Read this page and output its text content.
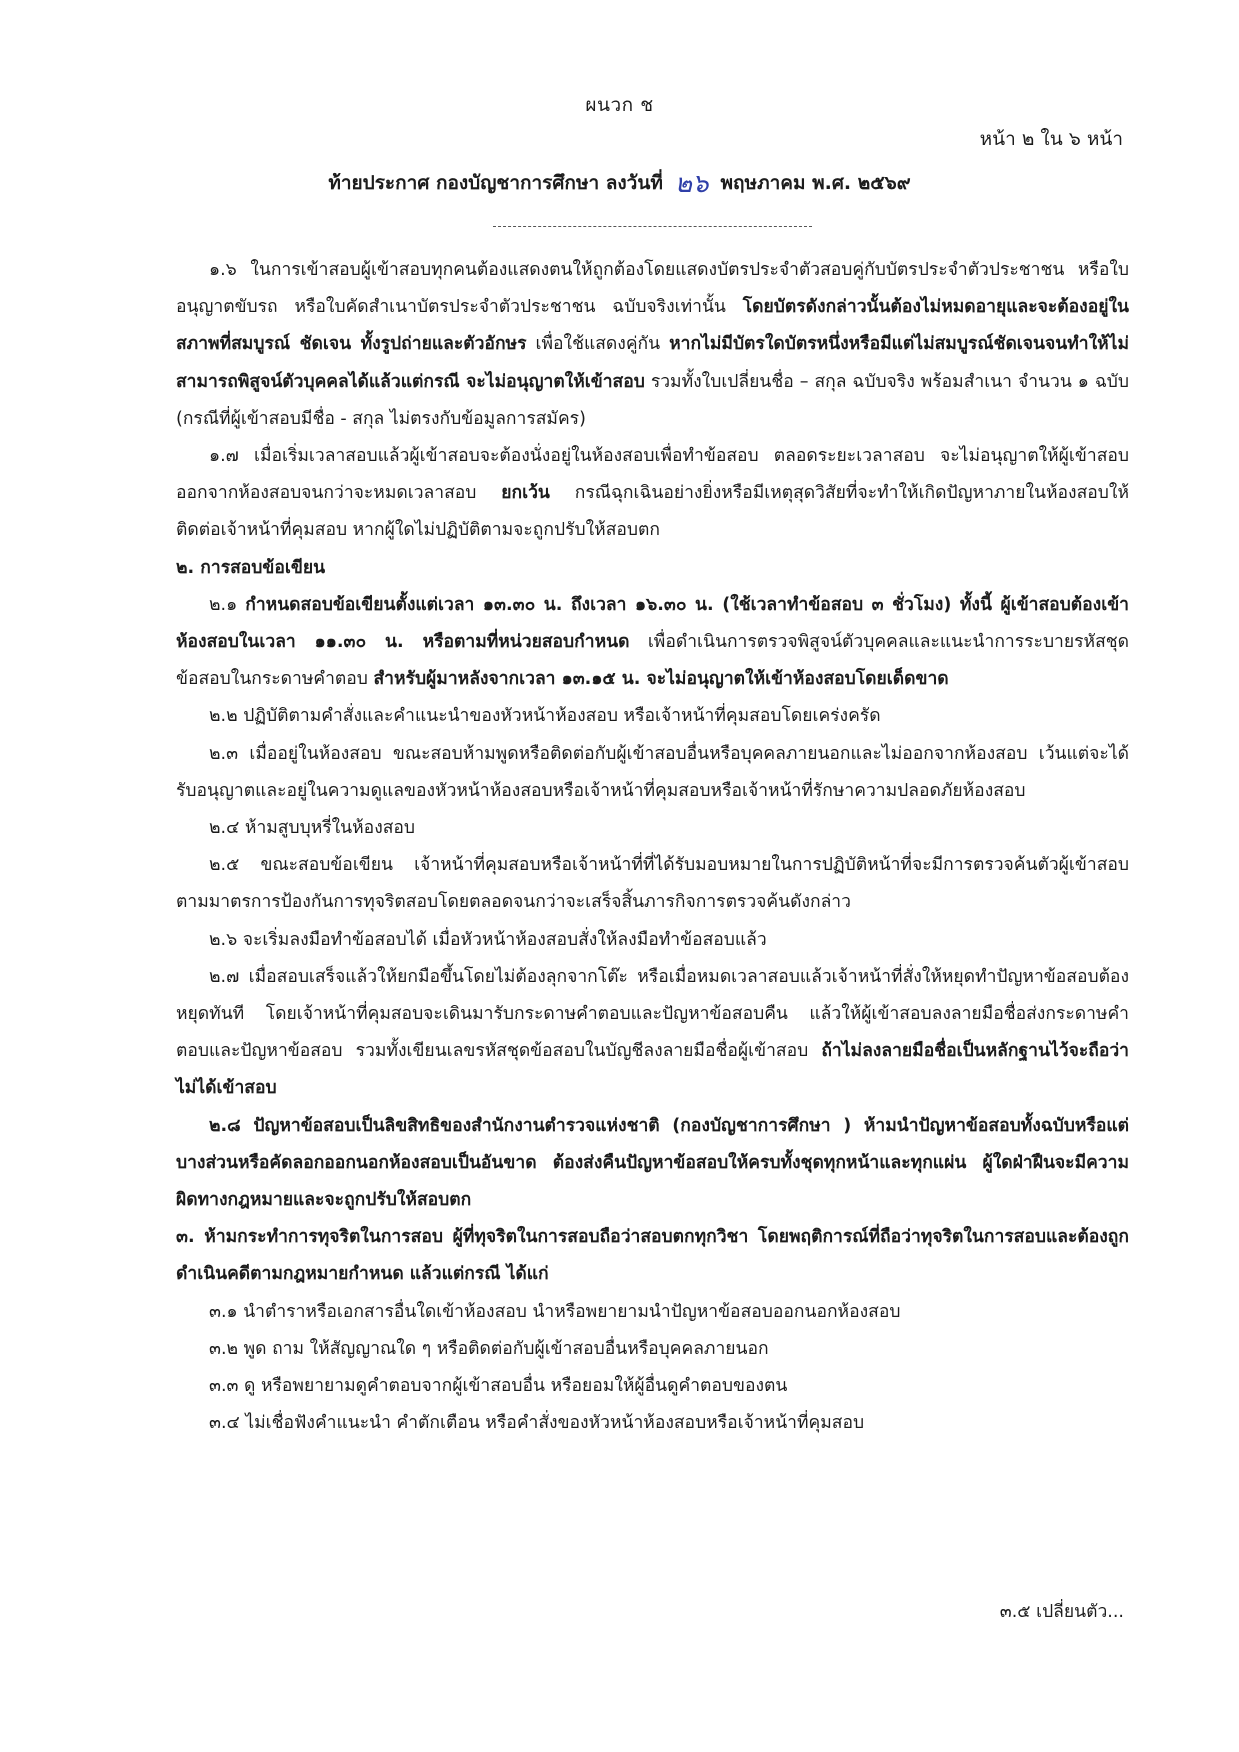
ผนวก ช
หน้า ๒ ใน ๖ หน้า
ท้ายประกาศ กองบัญชาการศึกษา ลงวันที่ ๒๖ พฤษภาคม พ.ศ. ๒๕๖๙

๑.๖ ในการเข้าสอบผู้เข้าสอบทุกคนต้องแสดงตนให้ถูกต้องโดยแสดงบัตรประจำตัวสอบคู่กับบัตรประจำตัวประชาชน หรือใบอนุญาตขับรถ หรือใบคัดสำเนาบัตรประจำตัวประชาชน ฉบับจริงเท่านั้น โดยบัตรดังกล่าวนั้นต้องไม่หมดอายุและจะต้องอยู่ในสภาพที่สมบูรณ์ ชัดเจน ทั้งรูปถ่ายและตัวอักษร เพื่อใช้แสดงคู่กัน หากไม่มีบัตรใดบัตรหนึ่งหรือมีแต่ไม่สมบูรณ์ชัดเจนจนทำให้ไม่สามารถพิสูจน์ตัวบุคคลได้แล้วแต่กรณี จะไม่อนุญาตให้เข้าสอบ รวมทั้งใบเปลี่ยนชื่อ – สกุล ฉบับจริง พร้อมสำเนา จำนวน ๑ ฉบับ (กรณีที่ผู้เข้าสอบมีชื่อ - สกุล ไม่ตรงกับข้อมูลการสมัคร)

๑.๗ เมื่อเริ่มเวลาสอบแล้วผู้เข้าสอบจะต้องนั่งอยู่ในห้องสอบเพื่อทำข้อสอบ ตลอดระยะเวลาสอบ จะไม่อนุญาตให้ผู้เข้าสอบออกจากห้องสอบจนกว่าจะหมดเวลาสอบ ยกเว้น กรณีฉุกเฉินอย่างยิ่งหรือมีเหตุสุดวิสัยที่จะทำให้เกิดปัญหาภายในห้องสอบให้ติดต่อเจ้าหน้าที่คุมสอบ หากผู้ใดไม่ปฏิบัติตามจะถูกปรับให้สอบตก

๒. การสอบข้อเขียน

๒.๑ กำหนดสอบข้อเขียนตั้งแต่เวลา ๑๓.๓๐ น. ถึงเวลา ๑๖.๓๐ น. (ใช้เวลาทำข้อสอบ ๓ ชั่วโมง) ทั้งนี้ ผู้เข้าสอบต้องเข้าห้องสอบในเวลา ๑๑.๓๐ น. หรือตามที่หน่วยสอบกำหนด เพื่อดำเนินการตรวจพิสูจน์ตัวบุคคลและแนะนำการระบายรหัสชุดข้อสอบในกระดาษคำตอบ สำหรับผู้มาหลังจากเวลา ๑๓.๑๕ น. จะไม่อนุญาตให้เข้าห้องสอบโดยเด็ดขาด

๒.๒ ปฏิบัติตามคำสั่งและคำแนะนำของหัวหน้าห้องสอบ หรือเจ้าหน้าที่คุมสอบโดยเคร่งครัด

๒.๓ เมื่ออยู่ในห้องสอบ ขณะสอบห้ามพูดหรือติดต่อกับผู้เข้าสอบอื่นหรือบุคคลภายนอกและไม่ออกจากห้องสอบ เว้นแต่จะได้รับอนุญาตและอยู่ในความดูแลของหัวหน้าห้องสอบหรือเจ้าหน้าที่คุมสอบหรือเจ้าหน้าที่รักษาความปลอดภัยห้องสอบ

๒.๔ ห้ามสูบบุหรี่ในห้องสอบ

๒.๕ ขณะสอบข้อเขียน เจ้าหน้าที่คุมสอบหรือเจ้าหน้าที่ที่ได้รับมอบหมายในการปฏิบัติหน้าที่จะมีการตรวจค้นตัวผู้เข้าสอบตามมาตรการป้องกันการทุจริตสอบโดยตลอดจนกว่าจะเสร็จสิ้นภารกิจการตรวจค้นดังกล่าว

๒.๖ จะเริ่มลงมือทำข้อสอบได้ เมื่อหัวหน้าห้องสอบสั่งให้ลงมือทำข้อสอบแล้ว

๒.๗ เมื่อสอบเสร็จแล้วให้ยกมือขึ้นโดยไม่ต้องลุกจากโต๊ะ หรือเมื่อหมดเวลาสอบแล้วเจ้าหน้าที่สั่งให้หยุดทำปัญหาข้อสอบต้องหยุดทันที โดยเจ้าหน้าที่คุมสอบจะเดินมารับกระดาษคำตอบและปัญหาข้อสอบคืน แล้วให้ผู้เข้าสอบลงลายมือชื่อส่งกระดาษคำตอบและปัญหาข้อสอบ รวมทั้งเขียนเลขรหัสชุดข้อสอบในบัญชีลงลายมือชื่อผู้เข้าสอบ ถ้าไม่ลงลายมือชื่อเป็นหลักฐานไว้จะถือว่าไม่ได้เข้าสอบ

๒.๘ ปัญหาข้อสอบเป็นลิขสิทธิของสำนักงานตำรวจแห่งชาติ (กองบัญชาการศึกษา ) ห้ามนำปัญหาข้อสอบทั้งฉบับหรือแต่บางส่วนหรือคัดลอกออกนอกห้องสอบเป็นอันขาด ต้องส่งคืนปัญหาข้อสอบให้ครบทั้งชุดทุกหน้าและทุกแผ่น ผู้ใดฝ่าฝืนจะมีความผิดทางกฎหมายและจะถูกปรับให้สอบตก

๓. ห้ามกระทำการทุจริตในการสอบ ผู้ที่ทุจริตในการสอบถือว่าสอบตกทุกวิชา โดยพฤติการณ์ที่ถือว่าทุจริตในการสอบและต้องถูกดำเนินคดีตามกฎหมายกำหนด แล้วแต่กรณี ได้แก่

๓.๑ นำตำราหรือเอกสารอื่นใดเข้าห้องสอบ นำหรือพยายามนำปัญหาข้อสอบออกนอกห้องสอบ

๓.๒ พูด ถาม ให้สัญญาณใด ๆ หรือติดต่อกับผู้เข้าสอบอื่นหรือบุคคลภายนอก

๓.๓ ดู หรือพยายามดูคำตอบจากผู้เข้าสอบอื่น หรือยอมให้ผู้อื่นดูคำตอบของตน

๓.๔ ไม่เชื่อฟังคำแนะนำ คำตักเตือน หรือคำสั่งของหัวหน้าห้องสอบหรือเจ้าหน้าที่คุมสอบ

๓.๕ เปลี่ยนตัว...
